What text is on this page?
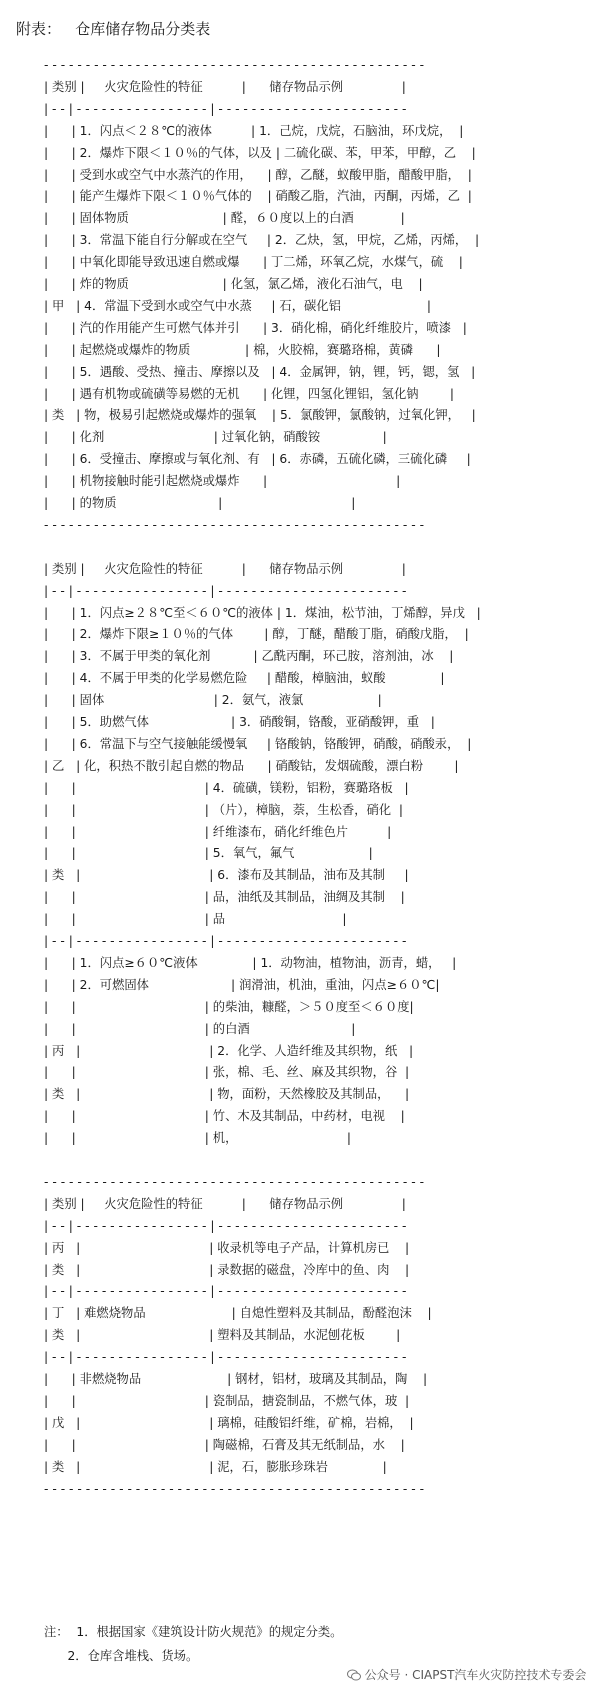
附表：   仓库储存物品分类表
- - - - - - - - - - - - - - - - - - - - - - - - - - - - - - - - - - - - - - - - - - - - - -
| 类别 |     火灾危险性的特征          |      储存物品示例               |
| - - | - - - - - - - - - - - - - - - - | - - - - - - - - - - - - - - - - - - - - - - -
|      | 1．闪点＜２８℃的液体          | 1．己烷，戊烷，石脑油，环戊烷，  |
|      | 2．爆炸下限＜１０％的气体，以及 | 二硫化碳、苯，甲苯，甲醇，乙    |
|      | 受到水或空气中水蒸汽的作用，    | 醇，乙醚，蚁酸甲脂，醋酸甲脂，  |
|      | 能产生爆炸下限＜１０％气体的    | 硝酸乙脂，汽油，丙酮，丙烯，乙  |
|      | 固体物质                        | 醛，６０度以上的白酒            |
|      | 3．常温下能自行分解或在空气     | 2．乙炔，氢，甲烷，乙烯，丙烯，  |
|      | 中氧化即能导致迅速自燃或爆      | 丁二烯，环氧乙烷，水煤气，硫    |
|      | 炸的物质                        | 化氢，氯乙烯，液化石油气，电    |
| 甲   | 4．常温下受到水或空气中水蒸     | 石，碳化铝                      |
|      | 汽的作用能产生可燃气体并引      | 3．硝化棉，硝化纤维胶片，喷漆   |
|      | 起燃烧或爆炸的物质              | 棉，火胶棉，赛璐珞棉，黄磷      |
|      | 5．遇酸、受热、撞击、摩擦以及   | 4．金属钾，钠，锂，钙，锶，氢   |
|      | 遇有机物或硫磺等易燃的无机      | 化锂，四氢化锂铝，氢化钠        |
| 类   | 物，极易引起燃烧或爆炸的强氧    | 5．氯酸钾，氯酸钠，过氧化钾，   |
|      | 化剂                            | 过氧化钠，硝酸铵                |
|      | 6．受撞击、摩擦或与氧化剂、有   | 6．赤磷，五硫化磷，三硫化磷     |
|      | 机物接触时能引起燃烧或爆炸      |                                 |
|      | 的物质                          |                                 |
- - - - - - - - - - - - - - - - - - - - - - - - - - - - - - - - - - - - - - - - - - - - - -
| 类别 |     火灾危险性的特征          |      储存物品示例               |
| - - | - - - - - - - - - - - - - - - - | - - - - - - - - - - - - - - - - - - - - - - -
|      | 1．闪点≥２８℃至＜６０℃的液体 | 1．煤油，松节油，丁烯醇，异戊   |
|      | 2．爆炸下限≥１０％的气体        | 醇，丁醚，醋酸丁脂，硝酸戊脂，  |
|      | 3．不属于甲类的氧化剂           | 乙酰丙酮，环己胺，溶剂油，冰    |
|      | 4．不属于甲类的化学易燃危险     | 醋酸，樟脑油，蚁酸              |
|      | 固体                            | 2．氨气，液氯                   |
|      | 5．助燃气体                     | 3．硝酸铜，铬酸，亚硝酸钾，重   |
|      | 6．常温下与空气接触能缓慢氧     | 铬酸钠，铬酸钾，硝酸，硝酸汞，  |
| 乙   | 化，积热不散引起自燃的物品      | 硝酸钴，发烟硫酸，漂白粉        |
|      |                                 | 4．硫磺，镁粉，铝粉，赛璐珞板   |
|      |                                 | （片），樟脑，萘，生松香，硝化  |
|      |                                 | 纤维漆布，硝化纤维色片          |
|      |                                 | 5．氧气，氟气                   |
| 类   |                                 | 6．漆布及其制品，油布及其制     |
|      |                                 | 品，油纸及其制品，油绸及其制    |
|      |                                 | 品                              |
| - - | - - - - - - - - - - - - - - - - | - - - - - - - - - - - - - - - - - - - - - - -
|      | 1．闪点≥６０℃液体              | 1．动物油，植物油，沥青，蜡，   |
|      | 2．可燃固体                     | 润滑油，机油，重油，闪点≥６０℃|
|      |                                 | 的柴油，糠醛，＞５０度至＜６０度|
|      |                                 | 的白酒                          |
| 丙   |                                 | 2．化学、人造纤维及其织物，纸   |
|      |                                 | 张，棉、毛、丝、麻及其织物，谷  |
| 类   |                                 | 物，面粉，天然橡胶及其制品，    |
|      |                                 | 竹、木及其制品，中药材，电视    |
|      |                                 | 机，                            |
- - - - - - - - - - - - - - - - - - - - - - - - - - - - - - - - - - - - - - - - - - - - - -
| 类别 |     火灾危险性的特征          |      储存物品示例               |
| - - | - - - - - - - - - - - - - - - - | - - - - - - - - - - - - - - - - - - - - - - -
| 丙   |                                 | 收录机等电子产品，计算机房已    |
| 类   |                                 | 录数据的磁盘，冷库中的鱼、肉    |
| - - | - - - - - - - - - - - - - - - - | - - - - - - - - - - - - - - - - - - - - - - -
| 丁   | 难燃烧物品                      | 自熄性塑料及其制品，酚醛泡沫    |
| 类   |                                 | 塑料及其制品，水泥刨花板        |
| - - | - - - - - - - - - - - - - - - - | - - - - - - - - - - - - - - - - - - - - - - -
|      | 非燃烧物品                      | 钢材，铝材，玻璃及其制品，陶    |
|      |                                 | 瓷制品，搪瓷制品，不燃气体，玻  |
| 戊   |                                 | 璃棉，硅酸铝纤维，矿棉，岩棉，  |
|      |                                 | 陶磁棉，石膏及其无纸制品，水    |
| 类   |                                 | 泥，石，膨胀珍珠岩              |
- - - - - - - - - - - - - - - - - - - - - - - - - - - - - - - - - - - - - - - - - - - - - -
注：  1．根据国家《建筑设计防火规范》的规定分类。
2．仓库含堆栈、货场。

公众号 · CIAPST汽车火灾防控技术专委会
